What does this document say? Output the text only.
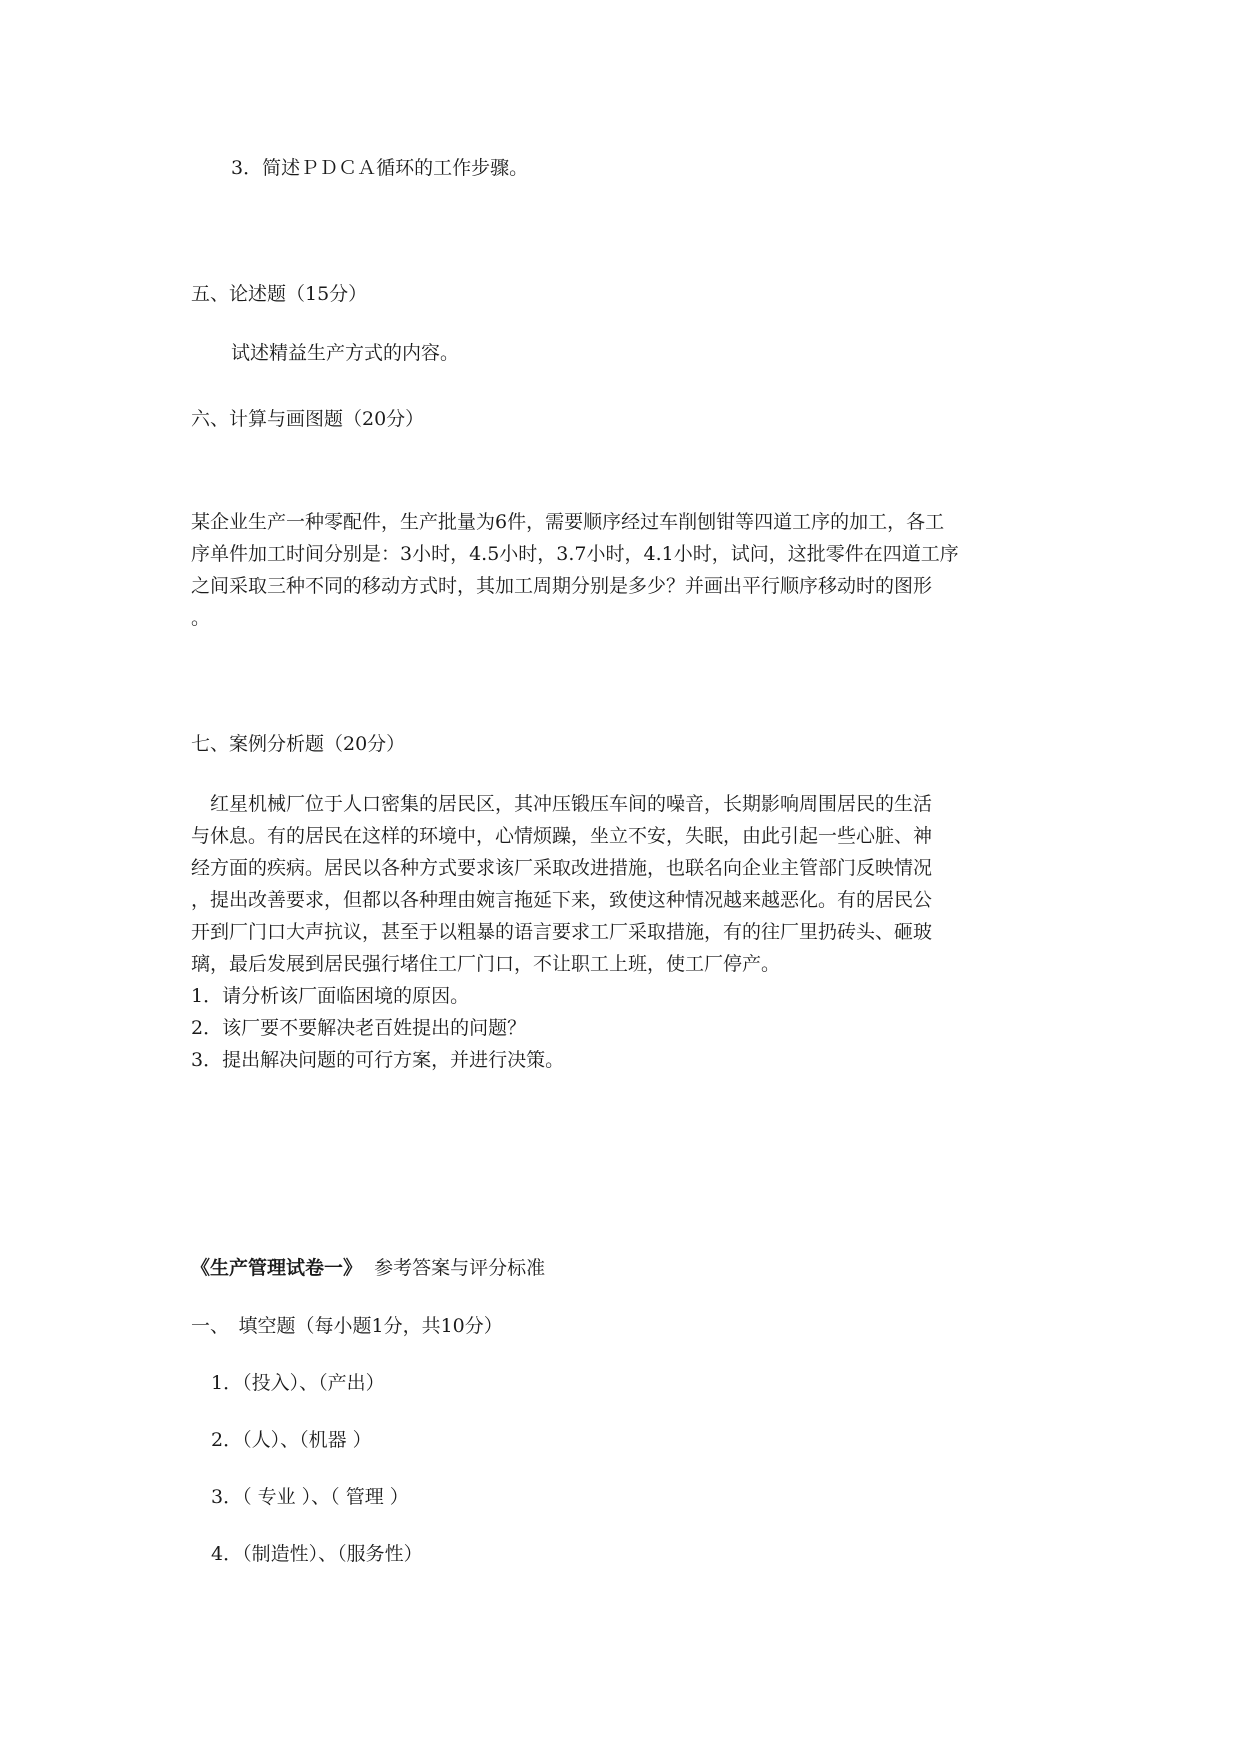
3．简述ＰＤＣＡ循环的工作步骤。
五、论述题（15分）
试述精益生产方式的内容。
六、计算与画图题（20分）

某企业生产一种零配件，生产批量为6件，需要顺序经过车削刨钳等四道工序的加工，各工

序单件加工时间分别是：3小时，4.5小时，3.7小时，4.1小时，试问，这批零件在四道工序

之间采取三种不同的移动方式时，其加工周期分别是多少？并画出平行顺序移动时的图形

。

七、案例分析题（20分）

　红星机械厂位于人口密集的居民区，其冲压锻压车间的噪音，长期影响周围居民的生活

与休息。有的居民在这样的环境中，心情烦躁，坐立不安，失眠，由此引起一些心脏、神

经方面的疾病。居民以各种方式要求该厂采取改进措施，也联名向企业主管部门反映情况

，提出改善要求，但都以各种理由婉言拖延下来，致使这种情况越来越恶化。有的居民公

开到厂门口大声抗议，甚至于以粗暴的语言要求工厂采取措施，有的往厂里扔砖头、砸玻

璃，最后发展到居民强行堵住工厂门口，不让职工上班，使工厂停产。

1．请分析该厂面临困境的原因。

2．该厂要不要解决老百姓提出的问题？

3．提出解决问题的可行方案，并进行决策。

《生产管理试卷一》 参考答案与评分标准
一、　填空题（每小题1分，共10分）
1．（投入）、（产出）
2．（人）、（机器 ）
3．（ 专业 ）、（ 管理 ）
4．（制造性）、（服务性）
